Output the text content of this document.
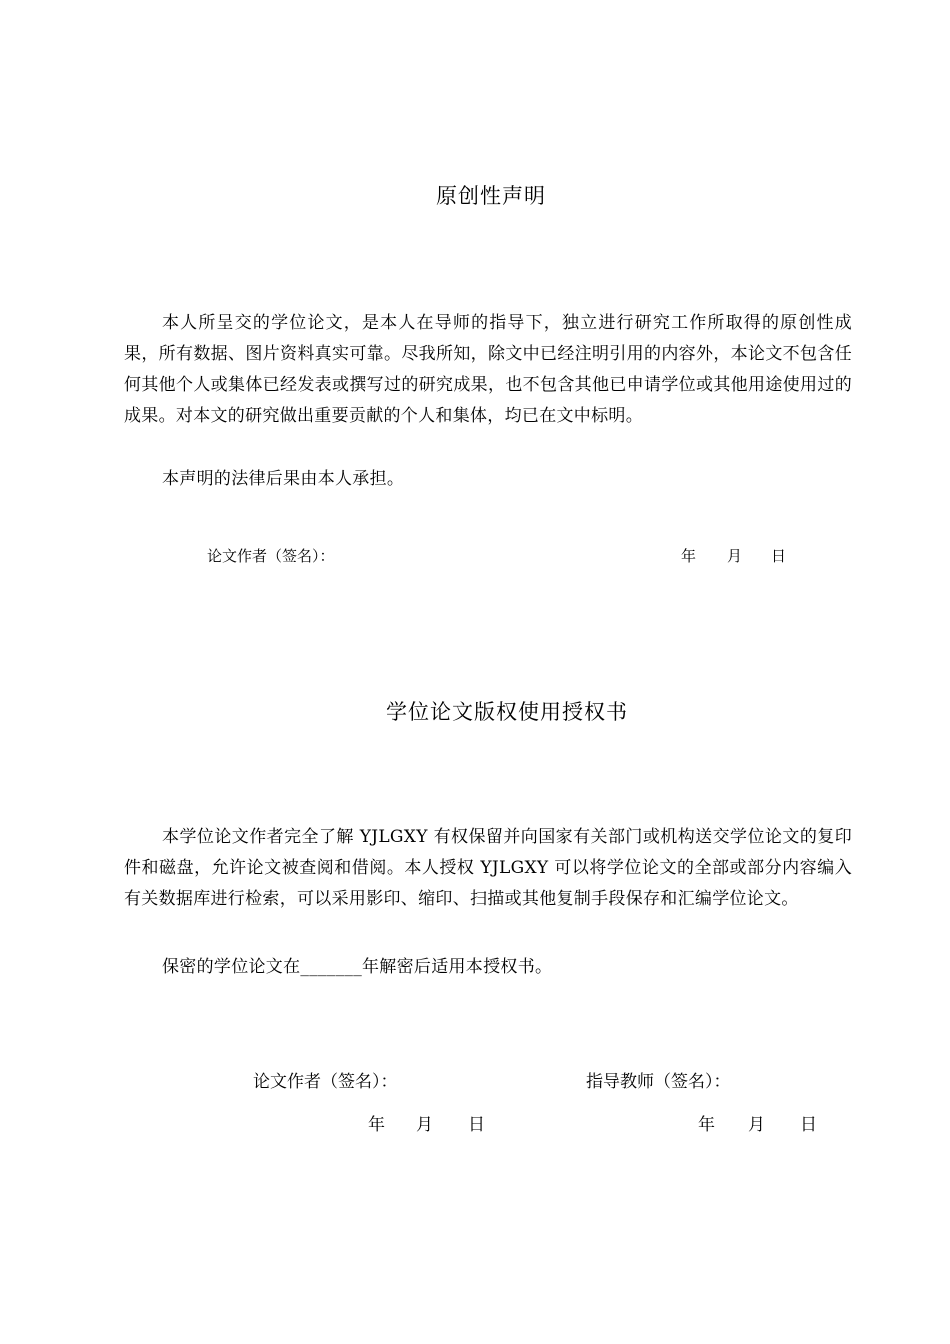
原创性声明
本人所呈交的学位论文，是本人在导师的指导下，独立进行研究工作所取得的原创性成果，所有数据、图片资料真实可靠。尽我所知，除文中已经注明引用的内容外，本论文不包含任何其他个人或集体已经发表或撰写过的研究成果，也不包含其他已申请学位或其他用途使用过的成果。对本文的研究做出重要贡献的个人和集体，均已在文中标明。
本声明的法律后果由本人承担。
论文作者（签名）：	年 月 日
学位论文版权使用授权书
本学位论文作者完全了解 YJLGXY 有权保留并向国家有关部门或机构送交学位论文的复印件和磁盘，允许论文被查阅和借阅。本人授权 YJLGXY 可以将学位论文的全部或部分内容编入有关数据库进行检索，可以采用影印、缩印、扫描或其他复制手段保存和汇编学位论文。
保密的学位论文在_______年解密后适用本授权书。
论文作者（签名）：	指导教师（签名）：
年 月 日	年 月 日
